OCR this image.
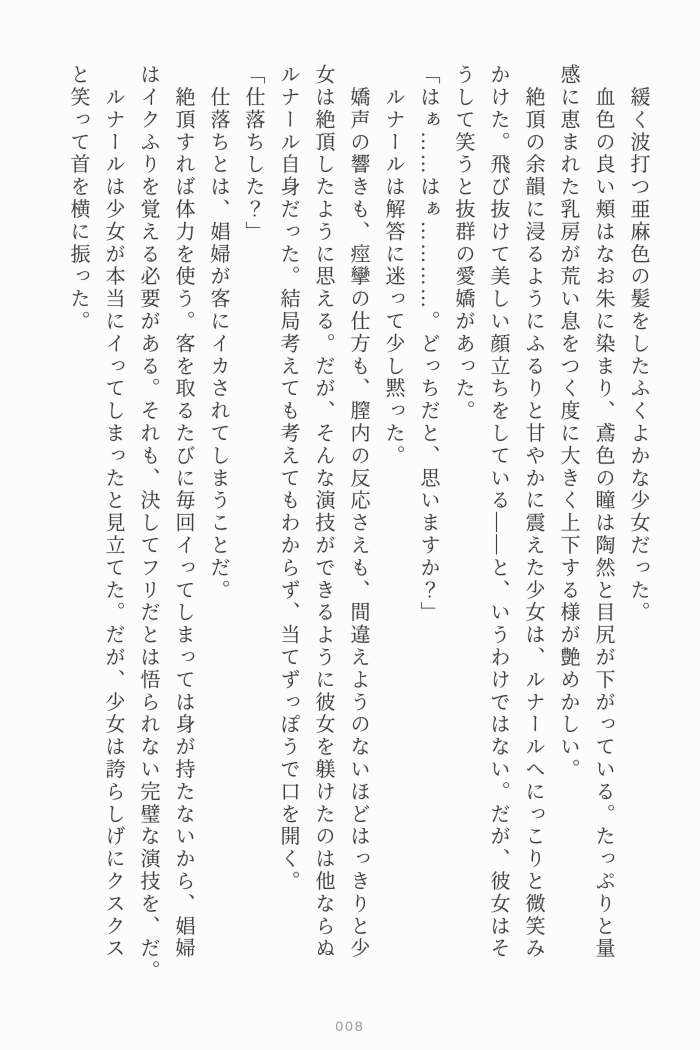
　緩く波打つ亜麻色の髪をしたふくよかな少女だった。
　血色の良い頬はなお朱に染まり、鳶色の瞳は陶然と目尻が下がっている。たっぷりと量
感に恵まれた乳房が荒い息をつく度に大きく上下する様が艶めかしい。
　絶頂の余韻に浸るようにふるりと甘やかに震えた少女は、ルナールへにっこりと微笑み
かけた。飛び抜けて美しい顔立ちをしている――と、いうわけではない。だが、彼女はそ
うして笑うと抜群の愛嬌があった。
「はぁ……はぁ…………。どっちだと、思いますか？」
　ルナールは解答に迷って少し黙った。
　嬌声の響きも、痙攣の仕方も、膣内の反応さえも、間違えようのないほどはっきりと少
女は絶頂したように思える。だが、そんな演技ができるように彼女を躾けたのは他ならぬ
ルナール自身だった。結局考えても考えてもわからず、当てずっぽうで口を開く。
「仕落ちした？」
　仕落ちとは、娼婦が客にイカされてしまうことだ。
　絶頂すれば体力を使う。客を取るたびに毎回イってしまっては身が持たないから、娼婦
はイクふりを覚える必要がある。それも、決してフリだとは悟られない完璧な演技を、だ。
　ルナールは少女が本当にイってしまったと見立てた。だが、少女は誇らしげにクスクス
と笑って首を横に振った。
008
